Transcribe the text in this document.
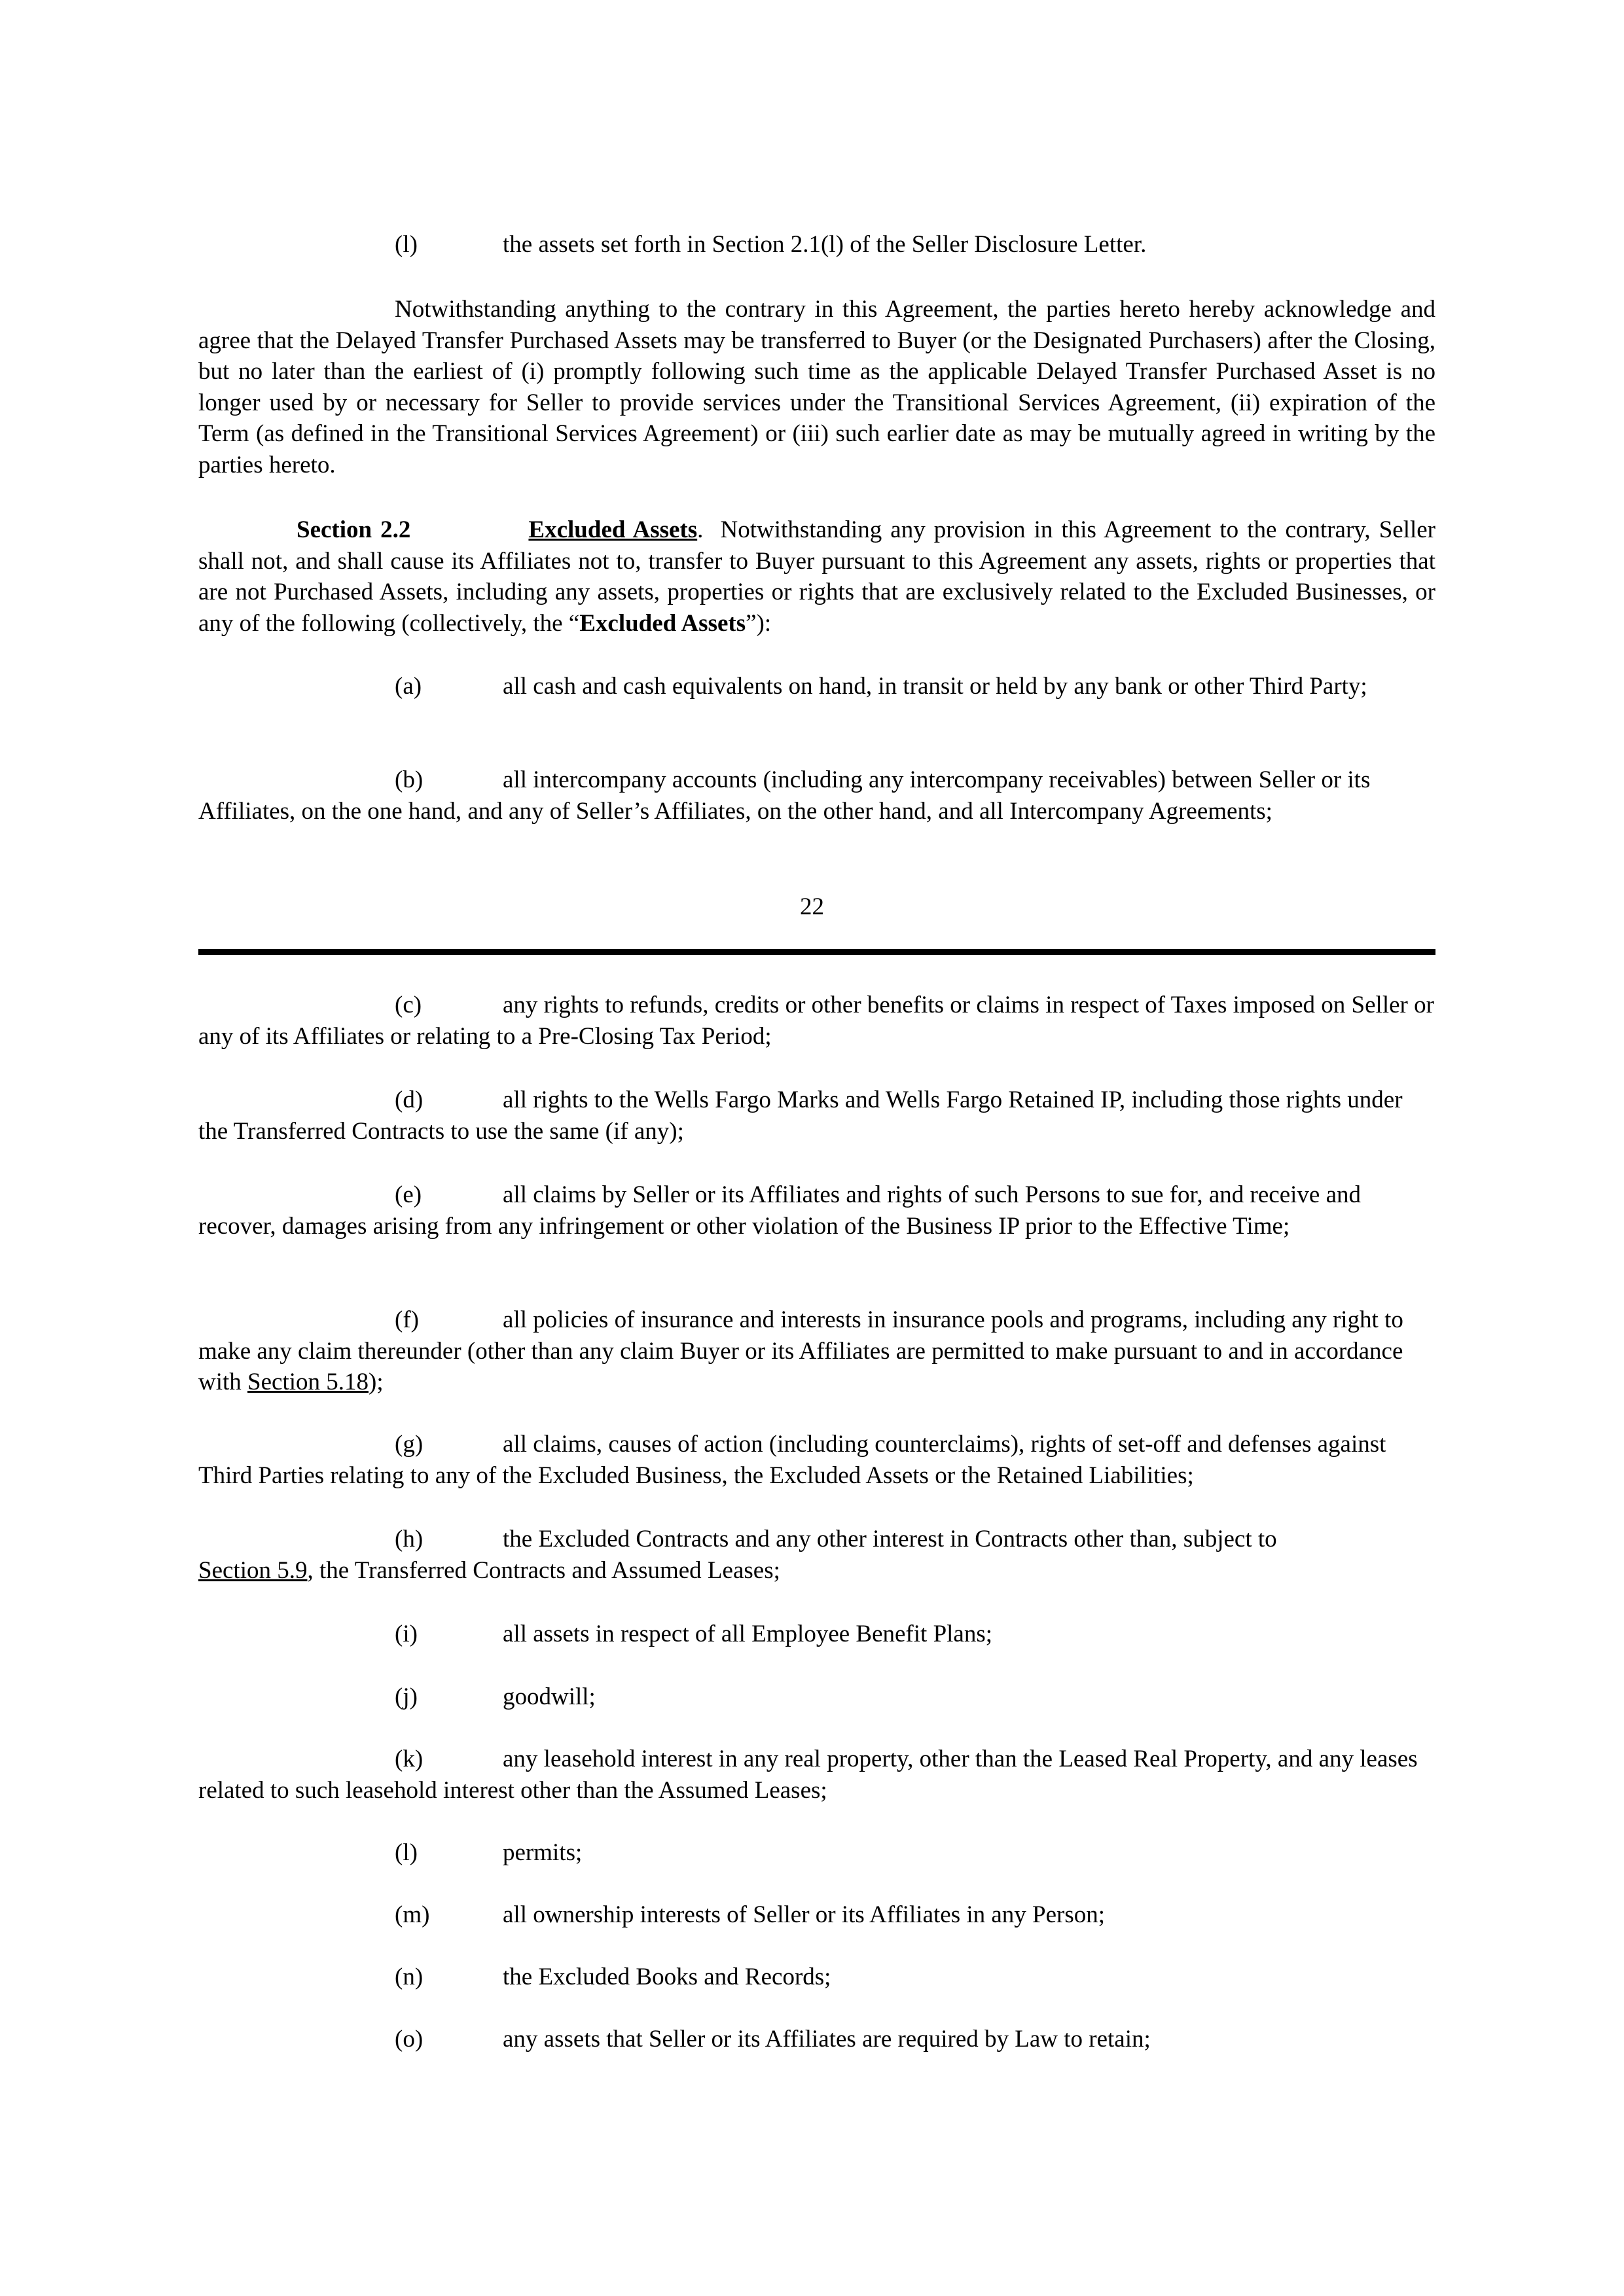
(l)	the assets set forth in Section 2.1(l) of the Seller Disclosure Letter.

Notwithstanding anything to the contrary in this Agreement, the parties hereto hereby acknowledge and agree that the Delayed Transfer Purchased Assets may be transferred to Buyer (or the Designated Purchasers) after the Closing, but no later than the earliest of (i) promptly following such time as the applicable Delayed Transfer Purchased Asset is no longer used by or necessary for Seller to provide services under the Transitional Services Agreement, (ii) expiration of the Term (as defined in the Transitional Services Agreement) or (iii) such earlier date as may be mutually agreed in writing by the parties hereto.

Section 2.2	Excluded Assets. Notwithstanding any provision in this Agreement to the contrary, Seller shall not, and shall cause its Affiliates not to, transfer to Buyer pursuant to this Agreement any assets, rights or properties that are not Purchased Assets, including any assets, properties or rights that are exclusively related to the Excluded Businesses, or any of the following (collectively, the “Excluded Assets”):

(a)	all cash and cash equivalents on hand, in transit or held by any bank or other Third Party;

(b)	all intercompany accounts (including any intercompany receivables) between Seller or its Affiliates, on the one hand, and any of Seller’s Affiliates, on the other hand, and all Intercompany Agreements;

22

(c)	any rights to refunds, credits or other benefits or claims in respect of Taxes imposed on Seller or any of its Affiliates or relating to a Pre-Closing Tax Period;

(d)	all rights to the Wells Fargo Marks and Wells Fargo Retained IP, including those rights under the Transferred Contracts to use the same (if any);

(e)	all claims by Seller or its Affiliates and rights of such Persons to sue for, and receive and recover, damages arising from any infringement or other violation of the Business IP prior to the Effective Time;

(f)	all policies of insurance and interests in insurance pools and programs, including any right to make any claim thereunder (other than any claim Buyer or its Affiliates are permitted to make pursuant to and in accordance with Section 5.18);

(g)	all claims, causes of action (including counterclaims), rights of set-off and defenses against Third Parties relating to any of the Excluded Business, the Excluded Assets or the Retained Liabilities;

(h)	the Excluded Contracts and any other interest in Contracts other than, subject to
Section 5.9, the Transferred Contracts and Assumed Leases;

(i)	all assets in respect of all Employee Benefit Plans;

(j)	goodwill;

(k)	any leasehold interest in any real property, other than the Leased Real Property, and any leases related to such leasehold interest other than the Assumed Leases;

(l)	permits;

(m)	all ownership interests of Seller or its Affiliates in any Person;

(n)	the Excluded Books and Records;

(o)	any assets that Seller or its Affiliates are required by Law to retain;
